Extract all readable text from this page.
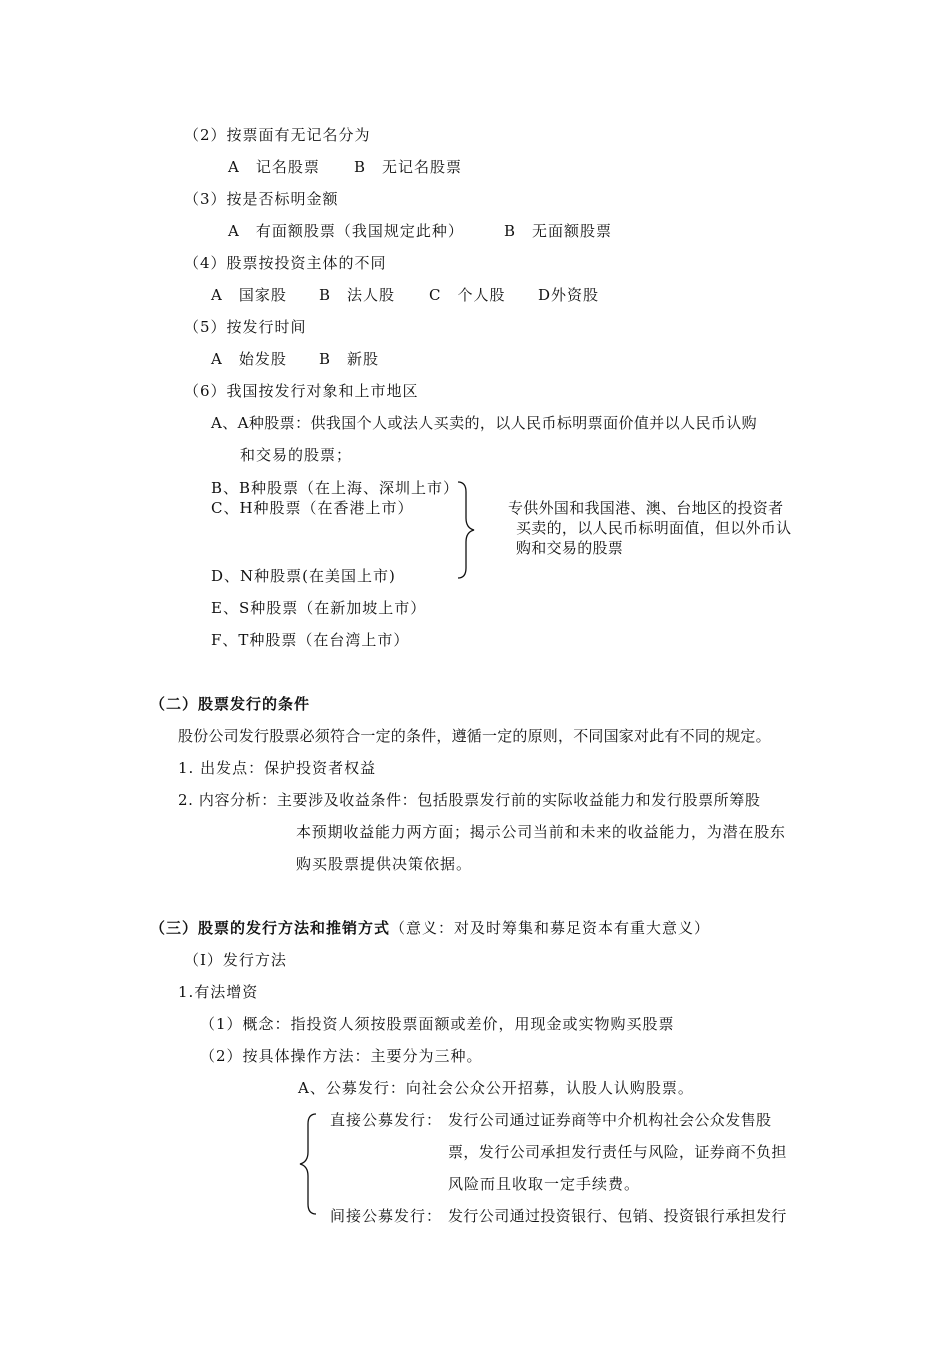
（2）按票面有无记名分为
A　记名股票 B　无记名股票
（3）按是否标明金额
A　有面额股票（我国规定此种）	B　无面额股票
（4）股票按投资主体的不同
A　国家股 B　法人股 C　个人股 D外资股
（5）按发行时间
A　始发股 B　新股
（6）我国按发行对象和上市地区
A、A种股票：供我国个人或法人买卖的，以人民币标明票面价值并以人民币认购
和交易的股票；
B、B种股票（在上海、深圳上市）
C、H种股票（在香港上市）
D、N种股票(在美国上市)
E、S种股票（在新加坡上市）
F、T种股票（在台湾上市）
专供外国和我国港、澳、台地区的投资者
买卖的，以人民币标明面值，但以外币认
购和交易的股票
（二）股票发行的条件
股份公司发行股票必须符合一定的条件，遵循一定的原则，不同国家对此有不同的规定。
1. 出发点：保护投资者权益
2. 内容分析：主要涉及收益条件：包括股票发行前的实际收益能力和发行股票所筹股
本预期收益能力两方面；揭示公司当前和未来的收益能力，为潜在股东
购买股票提供决策依据。
（三）股票的发行方法和推销方式（意义：对及时筹集和募足资本有重大意义）
（I）发行方法
1.有法增资
（1）概念：指投资人须按股票面额或差价，用现金或实物购买股票
（2）按具体操作方法：主要分为三种。
A、公募发行：向社会公众公开招募，认股人认购股票。
直接公募发行： 发行公司通过证券商等中介机构社会公众发售股
票，发行公司承担发行责任与风险，证券商不负担
风险而且收取一定手续费。
间接公募发行： 发行公司通过投资银行、包销、投资银行承担发行
